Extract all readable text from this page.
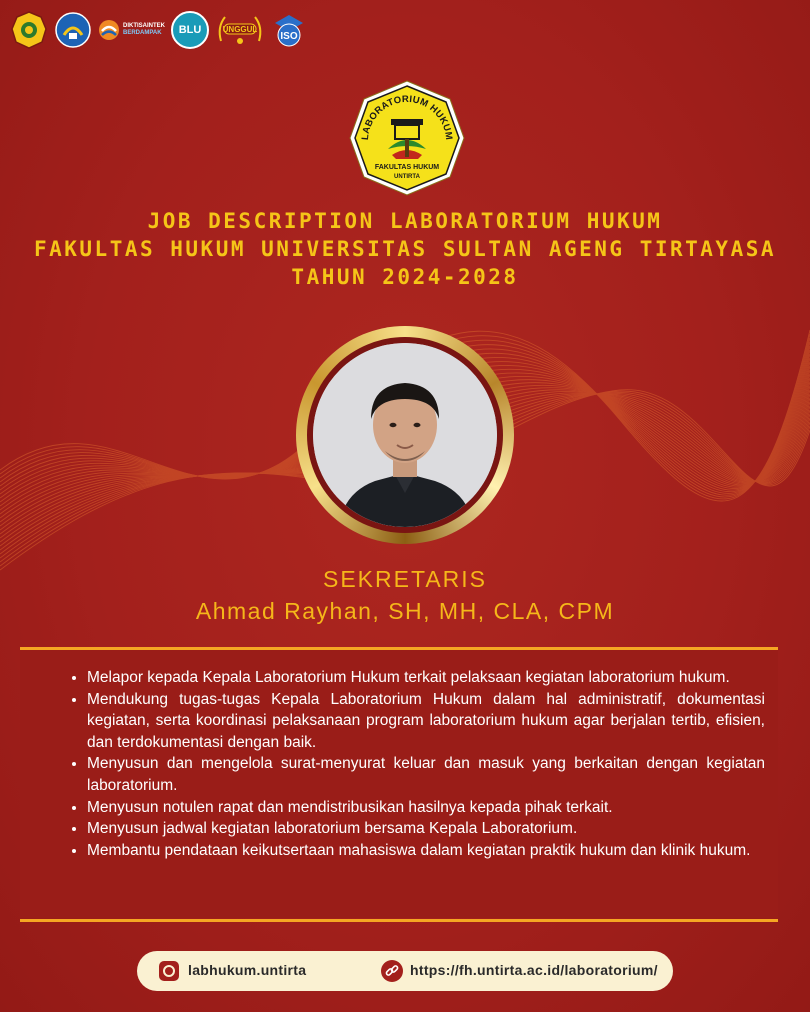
DIKTISAINTEK
BERDAMPAK	BLU	UNGGUL
ISO
LABORATORIUM HUKUM
FAKULTAS HUKUM
UNTIRTA
JOB DESCRIPTION LABORATORIUM HUKUM
FAKULTAS HUKUM UNIVERSITAS SULTAN AGENG TIRTAYASA
TAHUN 2024-2028
SEKRETARIS
Ahmad Rayhan, SH, MH, CLA, CPM
• Melapor kepada Kepala Laboratorium Hukum terkait pelaksaan kegiatan laboratorium hukum.
• Mendukung tugas-tugas Kepala Laboratorium Hukum dalam hal administratif, dokumentasi kegiatan, serta koordinasi pelaksanaan program laboratorium hukum agar berjalan tertib, efisien, dan terdokumentasi dengan baik.
• Menyusun dan mengelola surat-menyurat keluar dan masuk yang berkaitan dengan kegiatan laboratorium.
• Menyusun notulen rapat dan mendistribusikan hasilnya kepada pihak terkait.
• Menyusun jadwal kegiatan laboratorium bersama Kepala Laboratorium.
• Membantu pendataan keikutsertaan mahasiswa dalam kegiatan praktik hukum dan klinik hukum.
labhukum.untirta	https://fh.untirta.ac.id/laboratorium/
